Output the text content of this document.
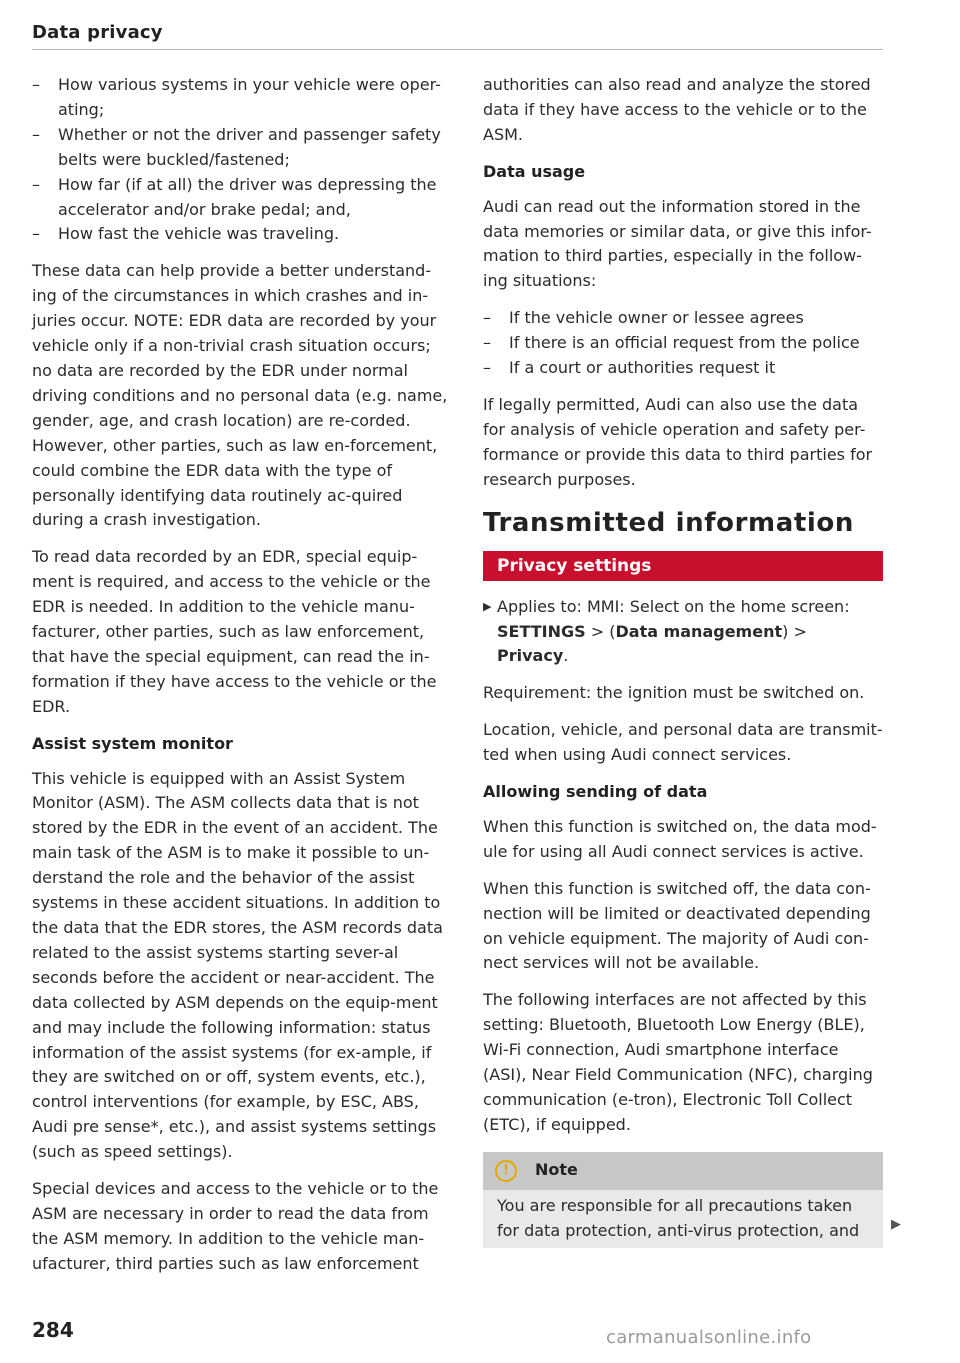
Data privacy
– How various systems in your vehicle were oper-ating;
– Whether or not the driver and passenger safety belts were buckled/fastened;
– How far (if at all) the driver was depressing the accelerator and/or brake pedal; and,
– How fast the vehicle was traveling.

These data can help provide a better understand-ing of the circumstances in which crashes and in-juries occur. NOTE: EDR data are recorded by your vehicle only if a non-trivial crash situation occurs; no data are recorded by the EDR under normal driving conditions and no personal data (e.g. name, gender, age, and crash location) are re-corded. However, other parties, such as law en-forcement, could combine the EDR data with the type of personally identifying data routinely ac-quired during a crash investigation.

To read data recorded by an EDR, special equip-ment is required, and access to the vehicle or the EDR is needed. In addition to the vehicle manu-facturer, other parties, such as law enforcement, that have the special equipment, can read the in-formation if they have access to the vehicle or the EDR.

Assist system monitor

This vehicle is equipped with an Assist System Monitor (ASM). The ASM collects data that is not stored by the EDR in the event of an accident. The main task of the ASM is to make it possible to un-derstand the role and the behavior of the assist systems in these accident situations. In addition to the data that the EDR stores, the ASM records data related to the assist systems starting sever-al seconds before the accident or near-accident. The data collected by ASM depends on the equip-ment and may include the following information: status information of the assist systems (for ex-ample, if they are switched on or off, system events, etc.), control interventions (for example, by ESC, ABS, Audi pre sense*, etc.), and assist systems settings (such as speed settings).

Special devices and access to the vehicle or to the ASM are necessary in order to read the data from the ASM memory. In addition to the vehicle man-ufacturer, third parties such as law enforcement

authorities can also read and analyze the stored data if they have access to the vehicle or to the ASM.

Data usage

Audi can read out the information stored in the data memories or similar data, or give this infor-mation to third parties, especially in the follow-ing situations:

– If the vehicle owner or lessee agrees
– If there is an official request from the police
– If a court or authorities request it

If legally permitted, Audi can also use the data for analysis of vehicle operation and safety per-formance or provide this data to third parties for research purposes.

Transmitted information
Privacy settings
▶ Applies to: MMI: Select on the home screen:
SETTINGS > (Data management) > Privacy.

Requirement: the ignition must be switched on.

Location, vehicle, and personal data are transmit-ted when using Audi connect services.

Allowing sending of data

When this function is switched on, the data mod-ule for using all Audi connect services is active.

When this function is switched off, the data con-nection will be limited or deactivated depending on vehicle equipment. The majority of Audi con-nect services will not be available.

The following interfaces are not affected by this setting: Bluetooth, Bluetooth Low Energy (BLE), Wi-Fi connection, Audi smartphone interface (ASI), Near Field Communication (NFC), charging communication (e-tron), Electronic Toll Collect (ETC), if equipped.

!	Note
You are responsible for all precautions taken for data protection, anti-virus protection, and	▶
284	carmanualsonline.info
